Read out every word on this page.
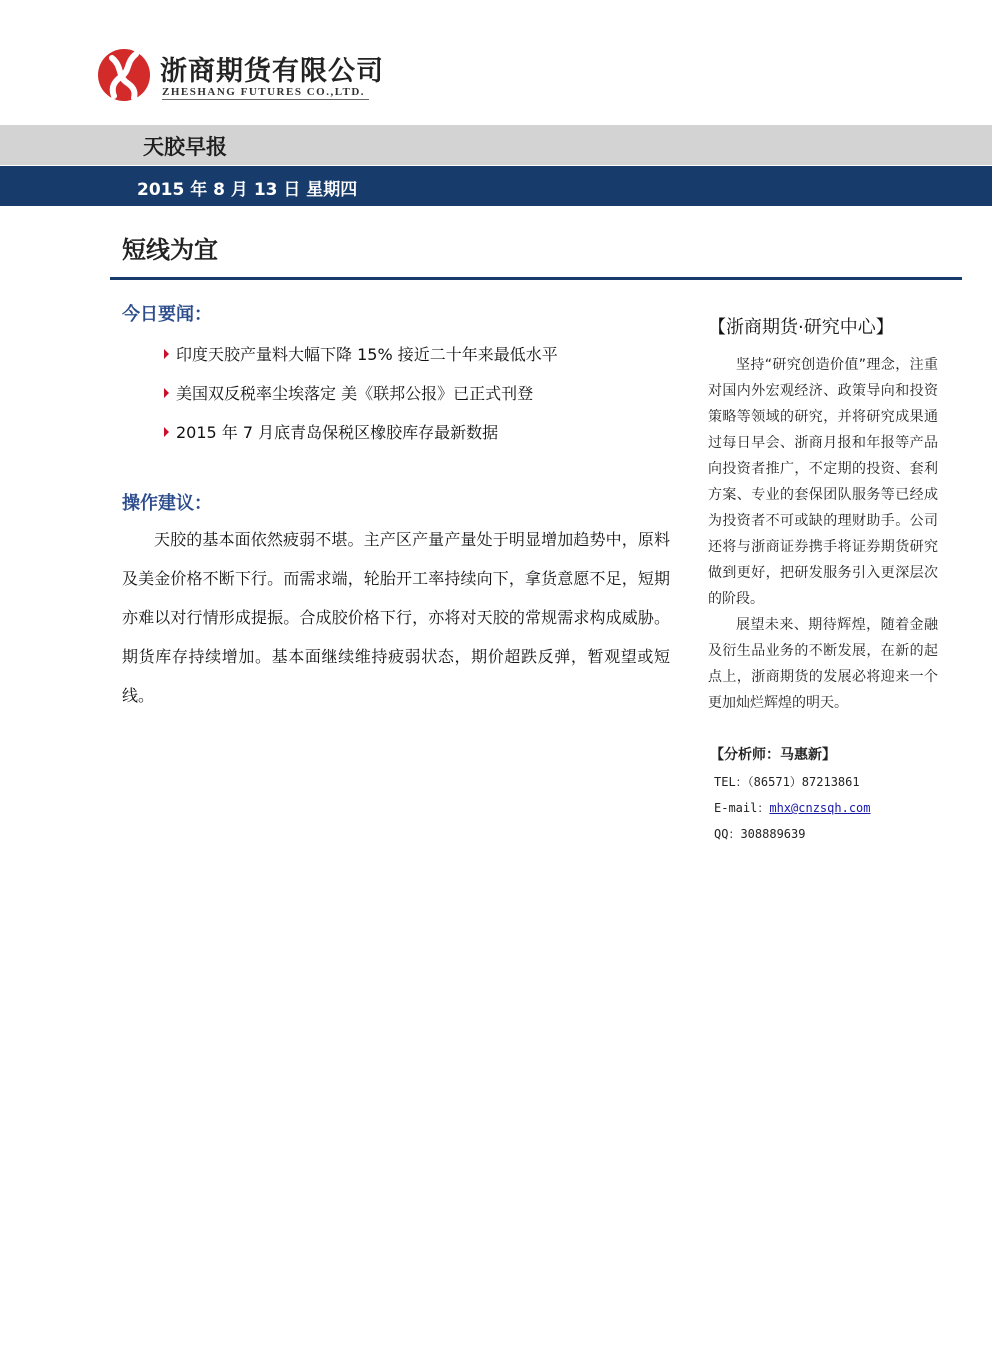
浙商期货有限公司
ZHESHANG FUTURES CO.,LTD.
天胶早报
2015 年 8 月 13 日 星期四
短线为宜
今日要闻：
印度天胶产量料大幅下降 15% 接近二十年来最低水平
美国双反税率尘埃落定 美《联邦公报》已正式刊登
2015 年 7 月底青岛保税区橡胶库存最新数据
操作建议：

天胶的基本面依然疲弱不堪。主产区产量产量处于明显增加趋势中，原料及美金价格不断下行。而需求端，轮胎开工率持续向下，拿货意愿不足，短期亦难以对行情形成提振。合成胶价格下行，亦将对天胶的常规需求构成威胁。期货库存持续增加。基本面继续维持疲弱状态，期价超跌反弹，暂观望或短线。

【浙商期货·研究中心】

坚持“研究创造价值”理念，注重对国内外宏观经济、政策导向和投资策略等领域的研究，并将研究成果通过每日早会、浙商月报和年报等产品向投资者推广，不定期的投资、套利方案、专业的套保团队服务等已经成为投资者不可或缺的理财助手。公司还将与浙商证券携手将证券期货研究做到更好，把研发服务引入更深层次的阶段。

展望未来、期待辉煌，随着金融及衍生品业务的不断发展，在新的起点上，浙商期货的发展必将迎来一个更加灿烂辉煌的明天。

【分析师：马惠新】
TEL：（86571）87213861
E-mail：mhx@cnzsqh.com
QQ：308889639
